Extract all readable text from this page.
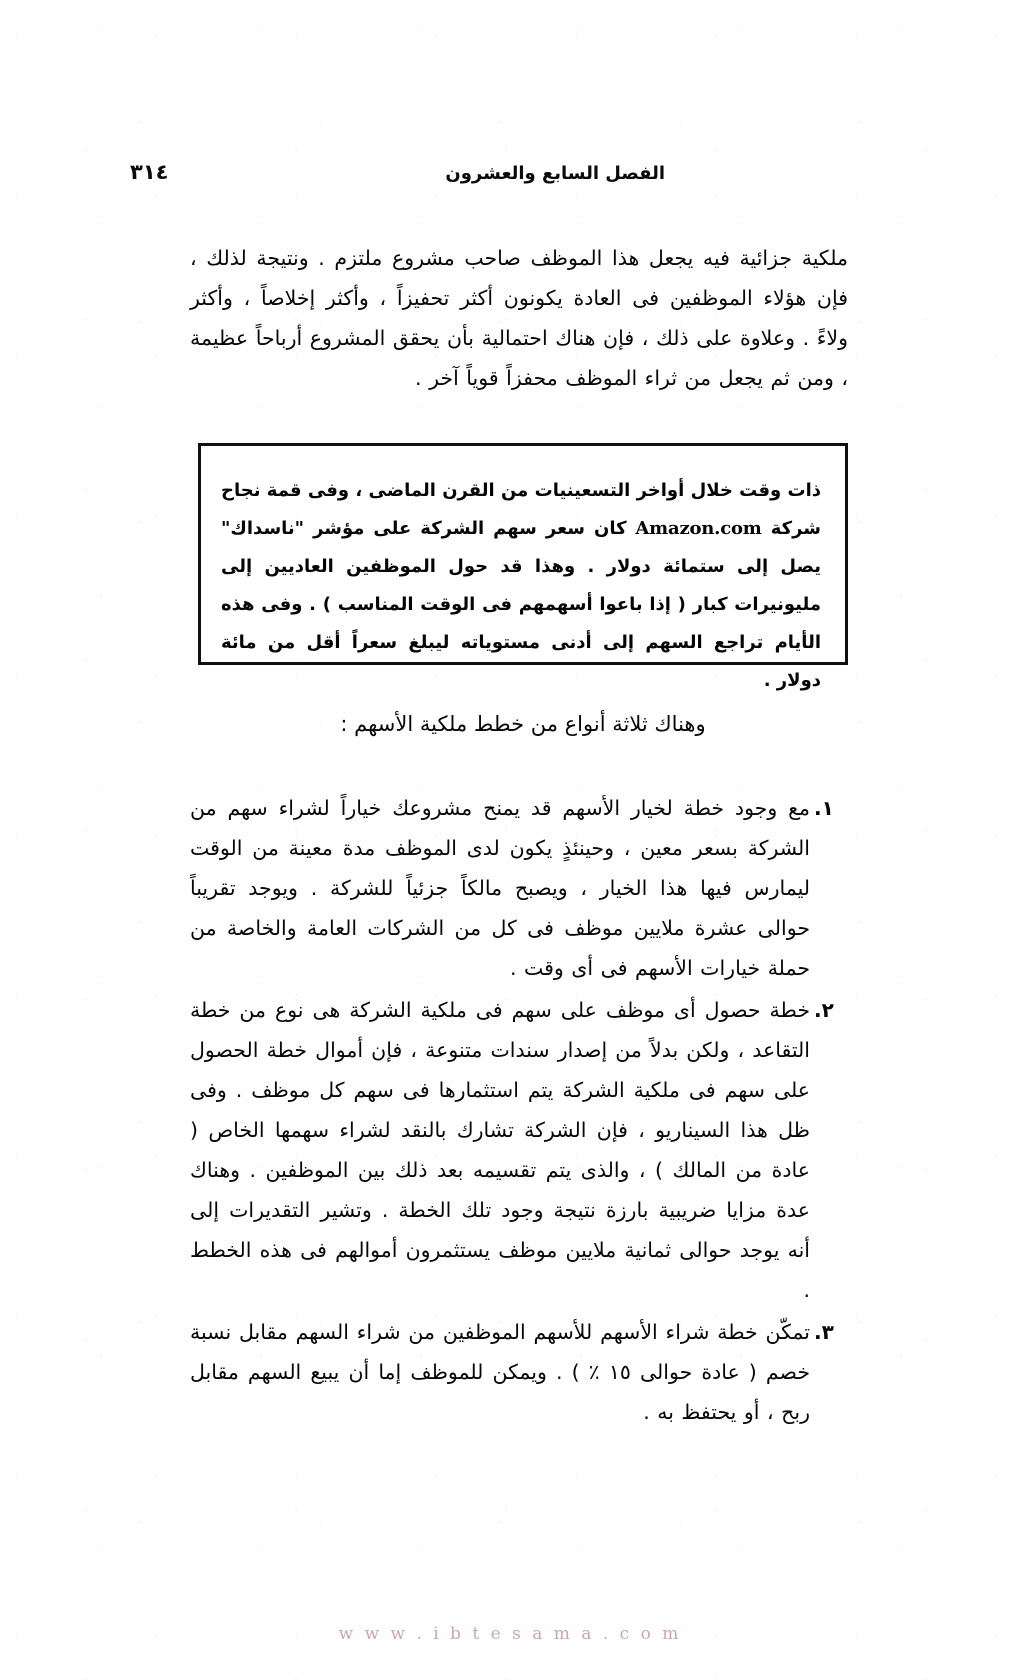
٣١٤	الفصل السابع والعشرون

ملكية جزائية فيه يجعل هذا الموظف صاحب مشروع ملتزم . ونتيجة لذلك ، فإن هؤلاء الموظفين فى العادة يكونون أكثر تحفيزاً ، وأكثر إخلاصاً ، وأكثر ولاءً . وعلاوة على ذلك ، فإن هناك احتمالية بأن يحقق المشروع أرباحاً عظيمة ، ومن ثم يجعل من ثراء الموظف محفزاً قوياً آخر .

ذات وقت خلال أواخر التسعينيات من القرن الماضى ، وفى قمة نجاح شركة Amazon.com كان سعر سهم الشركة على مؤشر "ناسداك" يصل إلى ستمائة دولار . وهذا قد حول الموظفين العاديين إلى مليونيرات كبار ( إذا باعوا أسهمهم فى الوقت المناسب ) . وفى هذه الأيام تراجع السهم إلى أدنى مستوياته ليبلغ سعراً أقل من مائة دولار .
وهناك ثلاثة أنواع من خطط ملكية الأسهم :
١.
مع وجود خطة لخيار الأسهم قد يمنح مشروعك خياراً لشراء سهم من الشركة بسعر معين ، وحينئذٍ يكون لدى الموظف مدة معينة من الوقت ليمارس فيها هذا الخيار ، ويصبح مالكاً جزئياً للشركة . ويوجد تقريباً حوالى عشرة ملايين موظف فى كل من الشركات العامة والخاصة من حملة خيارات الأسهم فى أى وقت .
٢.
خطة حصول أى موظف على سهم فى ملكية الشركة هى نوع من خطة التقاعد ، ولكن بدلاً من إصدار سندات متنوعة ، فإن أموال خطة الحصول على سهم فى ملكية الشركة يتم استثمارها فى سهم كل موظف . وفى ظل هذا السيناريو ، فإن الشركة تشارك بالنقد لشراء سهمها الخاص ( عادة من المالك ) ، والذى يتم تقسيمه بعد ذلك بين الموظفين . وهناك عدة مزايا ضريبية بارزة نتيجة وجود تلك الخطة . وتشير التقديرات إلى أنه يوجد حوالى ثمانية ملايين موظف يستثمرون أموالهم فى هذه الخطط .
٣.
تمكّن خطة شراء الأسهم للأسهم الموظفين من شراء السهم مقابل نسبة خصم ( عادة حوالى ١٥ ٪ ) . ويمكن للموظف إما أن يبيع السهم مقابل ربح ، أو يحتفظ به .
w w w . i b t e s a m a . c o m
